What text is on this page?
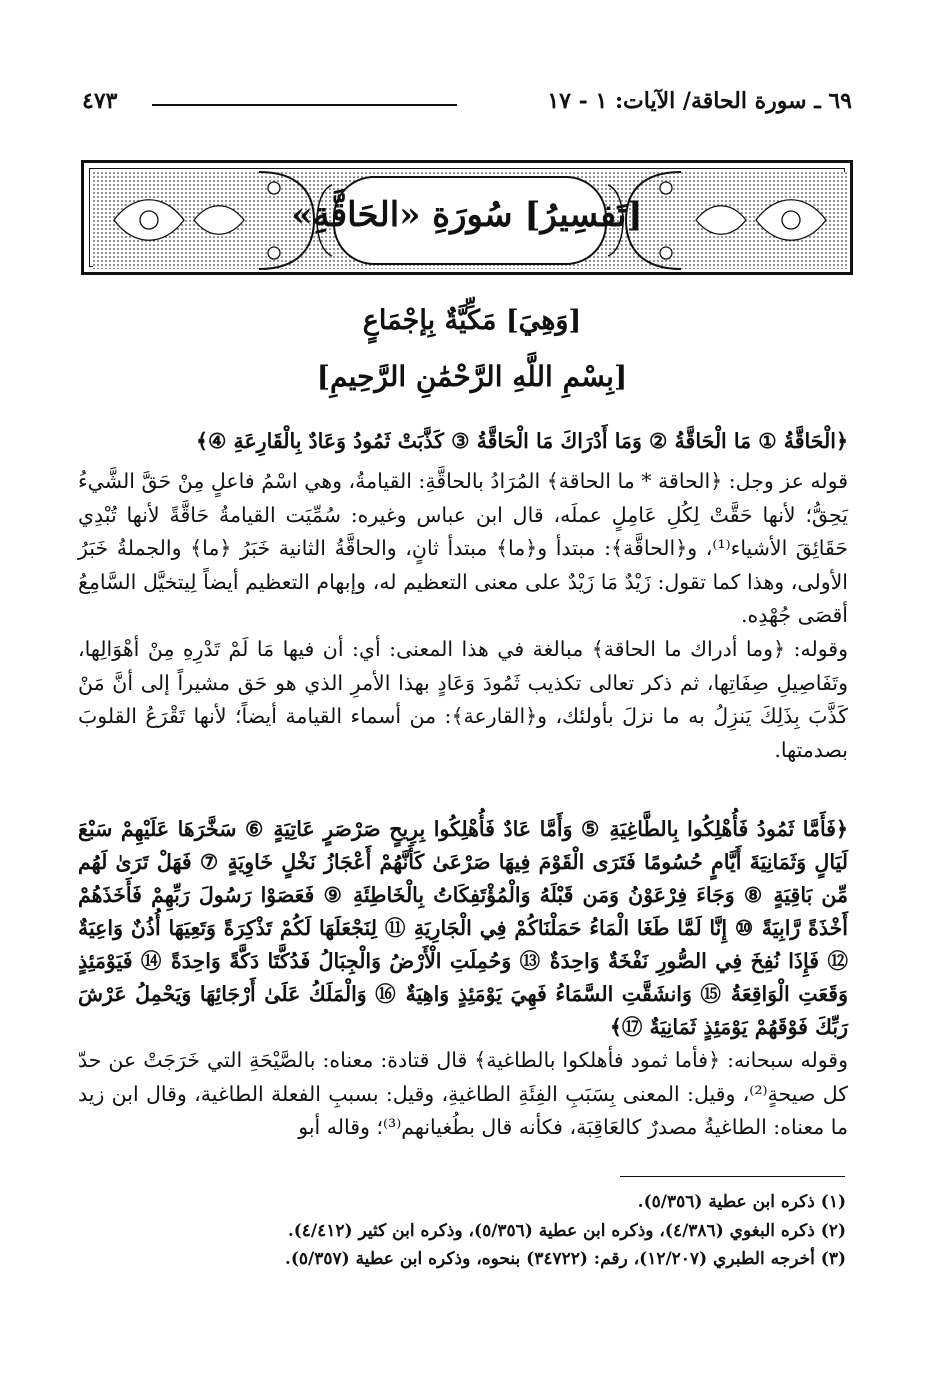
٦٩ ـ سورة الحاقة/ الآيات: ١ - ١٧
٤٧٣
[تَفسِيرُ] سُورَةِ «الحَاقَّةِ»
[وَهِيَ] مَكِّيَّةٌ بِإجْمَاعٍ
[بِسْمِ اللَّهِ الرَّحْمَٰنِ الرَّحِيمِ]

﴿الْحَاقَّةُ ① مَا الْحَاقَّةُ ② وَمَا أَدْرَاكَ مَا الْحَاقَّةُ ③ كَذَّبَتْ ثَمُودُ وَعَادٌ بِالْقَارِعَةِ ④﴾

قوله عز وجل: ﴿الحاقة * ما الحاقة﴾ المُرَادُ بالحاقَّةِ: القيامةُ، وهي اسْمُ فاعلٍ مِنْ حَقَّ الشَّيءُ يَحِقُّ؛ لأنها حَقَّتْ لِكُلِ عَامِلٍ عملَه، قال ابن عباس وغيره: سُمِّيَت القيامةُ حَاقَّةً لأنها تُبْدِي حَقَائِقَ الأشياء⁽¹⁾، و﴿الحاقَّة﴾: مبتدأ و﴿ما﴾ مبتدأ ثانٍ، والحاقَّةُ الثانية خَبَرُ ﴿ما﴾ والجملةُ خَبَرُ الأولى، وهذا كما تقول: زَيْدٌ مَا زَيْدٌ على معنى التعظيم له، وإبهام التعظيم أيضاً لِيتخيَّل السَّامِعُ أقصَى جُهْدِه.

وقوله: ﴿وما أدراك ما الحاقة﴾ مبالغة في هذا المعنى: أي: أن فيها مَا لَمْ تَدْرِهِ مِنْ أهْوَالِها، وتَفَاصِيلِ صِفَاتِها، ثم ذكر تعالى تكذيب ثَمُودَ وَعَادٍ بهذا الأمرِ الذي هو حَق مشيراً إلى أنَّ مَنْ كَذَّبَ بِذَلِكَ يَنزِلُ به ما نزلَ بأولئك، و﴿القارعة﴾: من أسماء القيامة أيضاً؛ لأنها تَقْرَعُ القلوبَ بصدمتها.

﴿فَأَمَّا ثَمُودُ فَأُهْلِكُوا بِالطَّاغِيَةِ ⑤ وَأَمَّا عَادٌ فَأُهْلِكُوا بِرِيحٍ صَرْصَرٍ عَاتِيَةٍ ⑥ سَخَّرَهَا عَلَيْهِمْ سَبْعَ لَيَالٍ وَثَمَانِيَةَ أَيَّامٍ حُسُومًا فَتَرَى الْقَوْمَ فِيهَا صَرْعَىٰ كَأَنَّهُمْ أَعْجَازُ نَخْلٍ خَاوِيَةٍ ⑦ فَهَلْ تَرَىٰ لَهُم مِّن بَاقِيَةٍ ⑧ وَجَاءَ فِرْعَوْنُ وَمَن قَبْلَهُ وَالْمُؤْتَفِكَاتُ بِالْخَاطِئَةِ ⑨ فَعَصَوْا رَسُولَ رَبِّهِمْ فَأَخَذَهُمْ أَخْذَةً رَّابِيَةً ⑩ إِنَّا لَمَّا طَغَا الْمَاءُ حَمَلْنَاكُمْ فِي الْجَارِيَةِ ⑪ لِنَجْعَلَهَا لَكُمْ تَذْكِرَةً وَتَعِيَهَا أُذُنٌ وَاعِيَةٌ ⑫ فَإِذَا نُفِخَ فِي الصُّورِ نَفْخَةٌ وَاحِدَةٌ ⑬ وَحُمِلَتِ الْأَرْضُ وَالْجِبَالُ فَدُكَّتَا دَكَّةً وَاحِدَةً ⑭ فَيَوْمَئِذٍ وَقَعَتِ الْوَاقِعَةُ ⑮ وَانشَقَّتِ السَّمَاءُ فَهِيَ يَوْمَئِذٍ وَاهِيَةٌ ⑯ وَالْمَلَكُ عَلَىٰ أَرْجَائِهَا وَيَحْمِلُ عَرْشَ رَبِّكَ فَوْقَهُمْ يَوْمَئِذٍ ثَمَانِيَةٌ ⑰﴾

وقوله سبحانه: ﴿فأما ثمود فأهلكوا بالطاغية﴾ قال قتادة: معناه: بالصَّيْحَةِ التي خَرَجَتْ عن حدّ كل صيحةٍ⁽²⁾، وقيل: المعنى بِسَبَبِ الفِئَةِ الطاغيةِ، وقيل: بسببِ الفعلة الطاغية، وقال ابن زيد ما معناه: الطاغيةُ مصدرٌ كالعَاقِبَة، فكأنه قال بطُغيانهم⁽³⁾؛ وقاله أبو

(١) ذكره ابن عطية (٥/٣٥٦).

(٢) ذكره البغوي (٤/٣٨٦)، وذكره ابن عطية (٥/٣٥٦)، وذكره ابن كثير (٤/٤١٢).

(٣) أخرجه الطبري (١٢/٢٠٧)، رقم: (٣٤٧٢٢) بنحوه، وذكره ابن عطية (٥/٣٥٧).
